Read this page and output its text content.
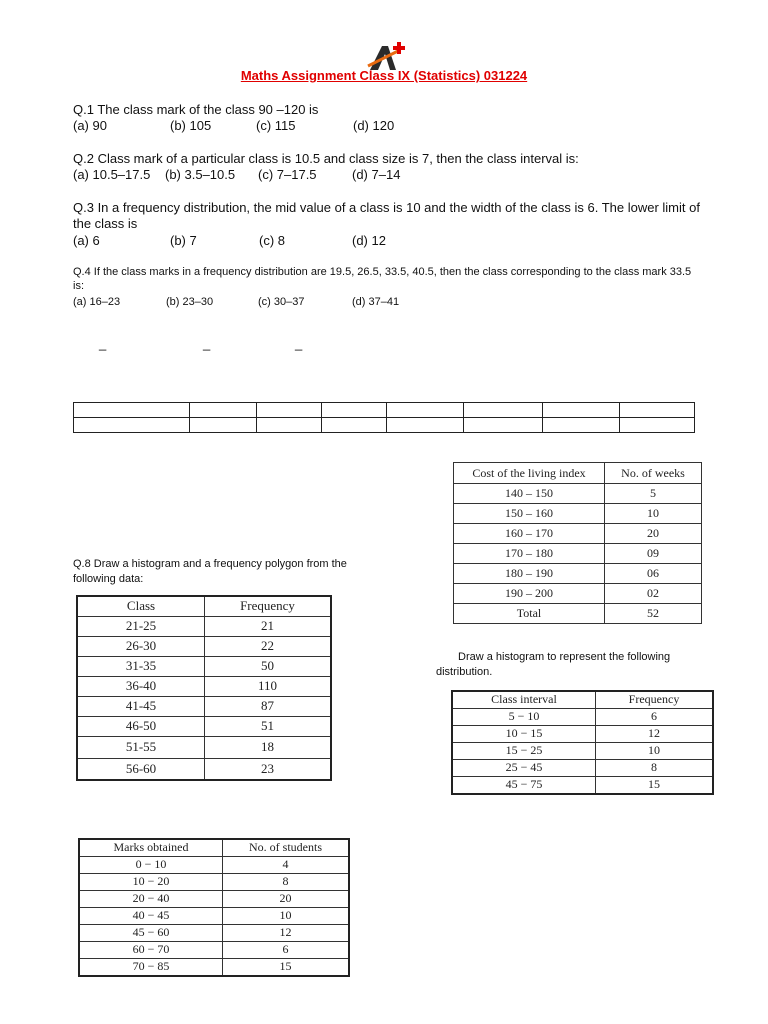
Maths Assignment Class IX (Statistics) 031224
Q.1 The class mark of the class 90 –120 is
(a) 90	(b) 105	(c) 115	(d) 120
Q.2 Class mark of a particular class is 10.5 and class size is 7, then the class interval is:
(a) 10.5–17.5 (b) 3.5–10.5 (c) 7–17.5	(d) 7–14
Q.3 In a frequency distribution, the mid value of a class is 10 and the width of the class is 6. The lower limit of the class is
(a) 6	(b) 7	(c) 8	(d) 12
Q.4 If the class marks in a frequency distribution are 19.5, 26.5, 33.5, 40.5, then the class corresponding to the class mark 33.5 is:
(a) 16–23	(b) 23–30	(c) 30–37	(d) 37–41
_	_	_

Cost of the living index	No. of weeks
140 – 150	5
150 – 160	10
160 – 170	20
170 – 180	09
180 – 190	06
190 – 200	02
Total	52
Q.8 Draw a histogram and a frequency polygon from the following data:
Class	Frequency
21-25	21
26-30	22
31-35	50
36-40	110
41-45	87
46-50	51
51-55	18
56-60	23
Draw a histogram to represent the following distribution.
Class interval	Frequency
5 − 10	6
10 − 15	12
15 − 25	10
25 − 45	8
45 − 75	15
Marks obtained	No. of students
0 − 10	4
10 − 20	8
20 − 40	20
40 − 45	10
45 − 60	12
60 − 70	6
70 − 85	15
